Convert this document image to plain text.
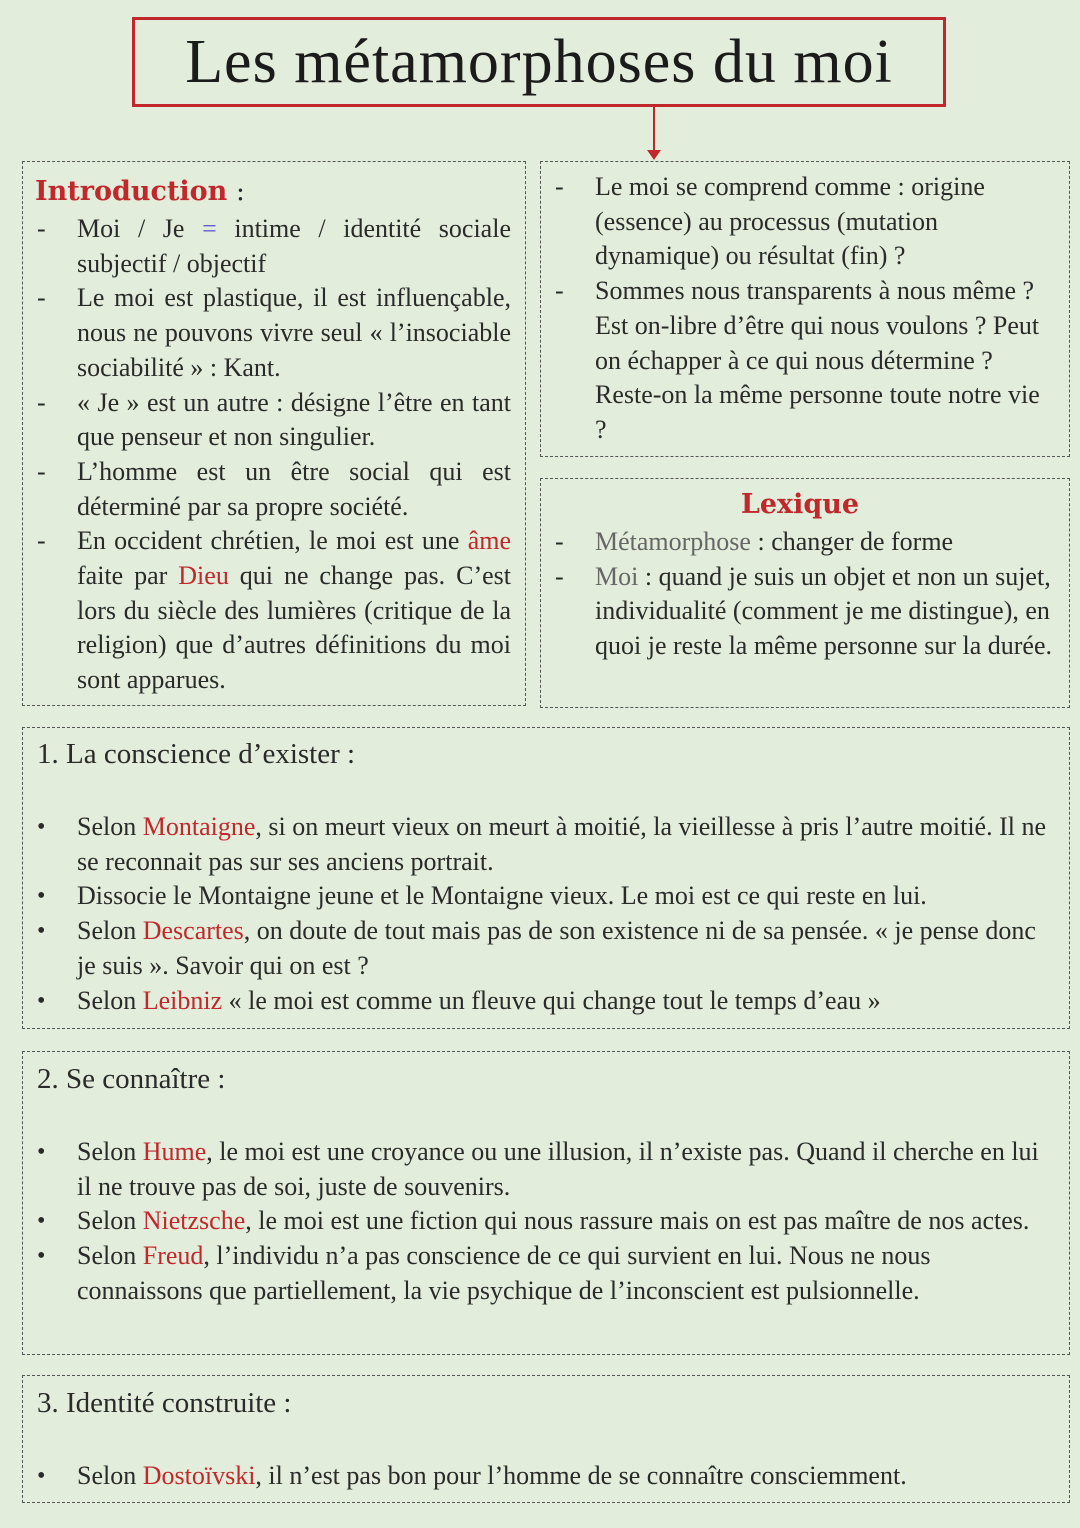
Les métamorphoses du moi
Introduction :
- Moi / Je = intime / identité sociale subjectif / objectif
- Le moi est plastique, il est influençable, nous ne pouvons vivre seul « l’insociable sociabilité » : Kant.
- « Je » est un autre : désigne l’être en tant que penseur et non singulier.
- L’homme est un être social qui est déterminé par sa propre société.
- En occident chrétien, le moi est une âme faite par Dieu qui ne change pas. C’est lors du siècle des lumières (critique de la religion) que d’autres définitions du moi sont apparues.
- Le moi se comprend comme : origine (essence) au processus (mutation dynamique) ou résultat (fin) ?
- Sommes nous transparents à nous même ? Est on-libre d’être qui nous voulons ? Peut on échapper à ce qui nous détermine ? Reste-on la même personne toute notre vie ?
Lexique
- Métamorphose : changer de forme
- Moi : quand je suis un objet et non un sujet, individualité (comment je me distingue), en quoi je reste la même personne sur la durée.
1. La conscience d’exister :
• Selon Montaigne, si on meurt vieux on meurt à moitié, la vieillesse à pris l’autre moitié. Il ne se reconnait pas sur ses anciens portrait.
• Dissocie le Montaigne jeune et le Montaigne vieux. Le moi est ce qui reste en lui.
• Selon Descartes, on doute de tout mais pas de son existence ni de sa pensée. « je pense donc je suis ». Savoir qui on est ?
• Selon Leibniz « le moi est comme un fleuve qui change tout le temps d’eau »
2. Se connaître :
• Selon Hume, le moi est une croyance ou une illusion, il n’existe pas. Quand il cherche en lui il ne trouve pas de soi, juste de souvenirs.
• Selon Nietzsche, le moi est une fiction qui nous rassure mais on est pas maître de nos actes.
• Selon Freud, l’individu n’a pas conscience de ce qui survient en lui. Nous ne nous connaissons que partiellement, la vie psychique de l’inconscient est pulsionnelle.
3. Identité construite :
• Selon Dostoïvski, il n’est pas bon pour l’homme de se connaître consciemment.
